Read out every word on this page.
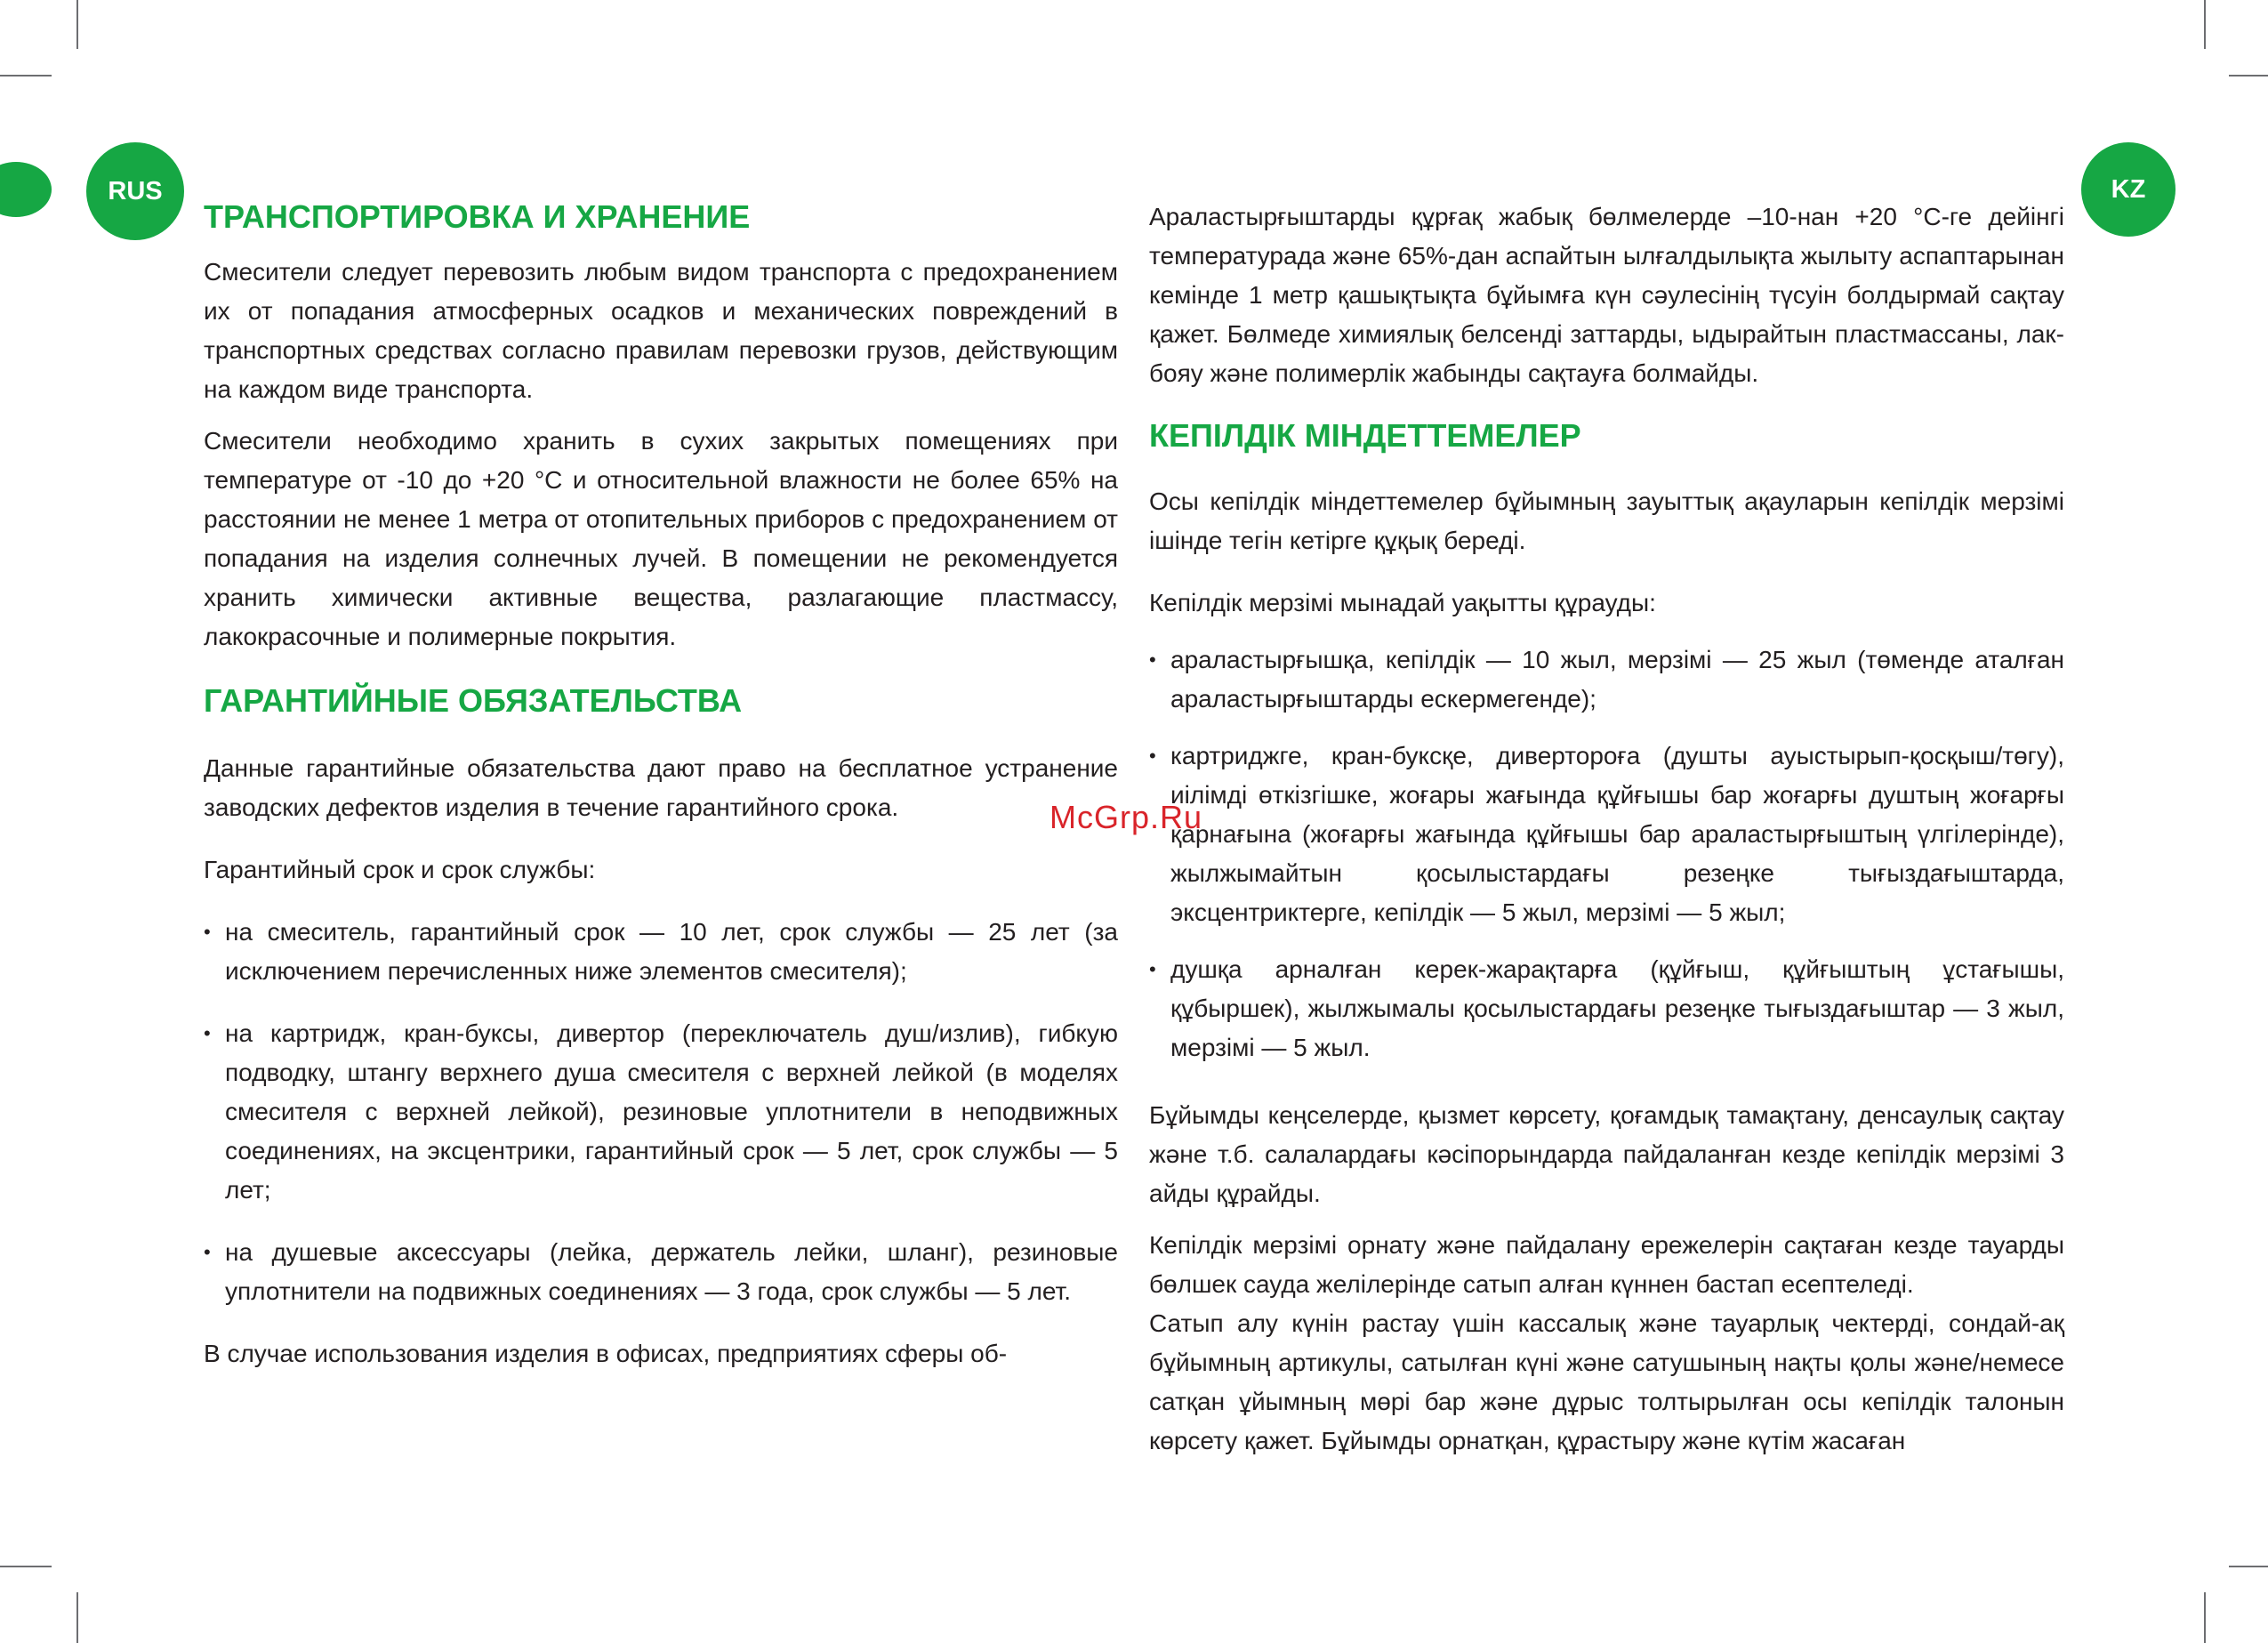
RUS	KZ
ТРАНСПОРТИРОВКА И ХРАНЕНИЕ

Смесители следует перевозить любым видом транспорта с предохранением их от попадания атмосферных осадков и механических повреждений в транспортных средствах согласно правилам перевозки грузов, действующим на каждом виде транспорта.

Смесители необходимо хранить в сухих закрытых помещениях при температуре от -10 до +20 °С и относительной влажности не более 65% на расстоянии не менее 1 метра от отопительных приборов с предохранением от попадания на изделия солнечных лучей. В помещении не рекомендуется хранить химически активные вещества, разлагающие пластмассу, лакокрасочные и полимерные покрытия.

ГАРАНТИЙНЫЕ ОБЯЗАТЕЛЬСТВА

Данные гарантийные обязательства дают право на бесплатное устранение заводских дефектов изделия в течение гарантийного срока.

Гарантийный срок и срок службы:

• на смеситель, гарантийный срок — 10 лет, срок службы — 25 лет (за исключением перечисленных ниже элементов смесителя);
• на картридж, кран-буксы, дивертор (переключатель душ/излив), гибкую подводку, штангу верхнего душа смесителя с верхней лейкой (в моделях смесителя с верхней лейкой), резиновые уплотнители в неподвижных соединениях, на эксцентрики, гарантийный срок — 5 лет, срок службы — 5 лет;
• на душевые аксессуары (лейка, держатель лейки, шланг), резиновые уплотнители на подвижных соединениях — 3 года, срок службы — 5 лет.

В случае использования изделия в офисах, предприятиях сферы об-

Араластырғыштарды құрғақ жабық бөлмелерде –10-нан +20 °С-ге дейінгі температурада және 65%-дан аспайтын ылғалдылықта жылыту аспаптарынан кемінде 1 метр қашықтықта бұйымға күн сәулесінің түсуін болдырмай сақтау қажет. Бөлмеде химиялық белсенді заттарды, ыдырайтын пластмассаны, лак-бояу және полимерлік жабынды сақтауға болмайды.

КЕПІЛДІК МІНДЕТТЕМЕЛЕР

Осы кепілдік міндеттемелер бұйымның зауыттық ақауларын кепілдік мерзімі ішінде тегін кетірге құқық береді.

Кепілдік мерзімі мынадай уақытты құрауды:

• араластырғышқа, кепілдік — 10 жыл, мерзімі — 25 жыл (төменде аталған араластырғыштарды ескермегенде);
• картриджге, кран-буксқе, дивертороға (душты ауыстырып-қосқыш/төгу), иілімді өткізгішке, жоғары жағында құйғышы бар жоғарғы душтың жоғарғы қарнағына (жоғарғы жағында құйғышы бар араластырғыштың үлгілерінде), жылжымайтын қосылыстардағы резеңке тығыздағыштарда, эксцентриктерге, кепілдік — 5 жыл, мерзімі — 5 жыл;
• душқа арналған керек-жарақтарға (құйғыш, құйғыштың ұстағышы, құбыршек), жылжымалы қосылыстардағы резеңке тығыздағыштар — 3 жыл, мерзімі — 5 жыл.

Бұйымды кеңселерде, қызмет көрсету, қоғамдық тамақтану, денсаулық сақтау және т.б. салалардағы кәсіпорындарда пайдаланған кезде кепілдік мерзімі 3 айды құрайды.

Кепілдік мерзімі орнату және пайдалану ережелерін сақтаған кезде тауарды бөлшек сауда желілерінде сатып алған күннен бастап есептеледі.

Сатып алу күнін растау үшін кассалық және тауарлық чектерді, сондай-ақ бұйымның артикулы, сатылған күні және сатушының нақты қолы және/немесе сатқан ұйымның мөрі бар және дұрыс толтырылған осы кепілдік талонын көрсету қажет. Бұйымды орнатқан, құрастыру және күтім жасаған

McGrp.Ru
